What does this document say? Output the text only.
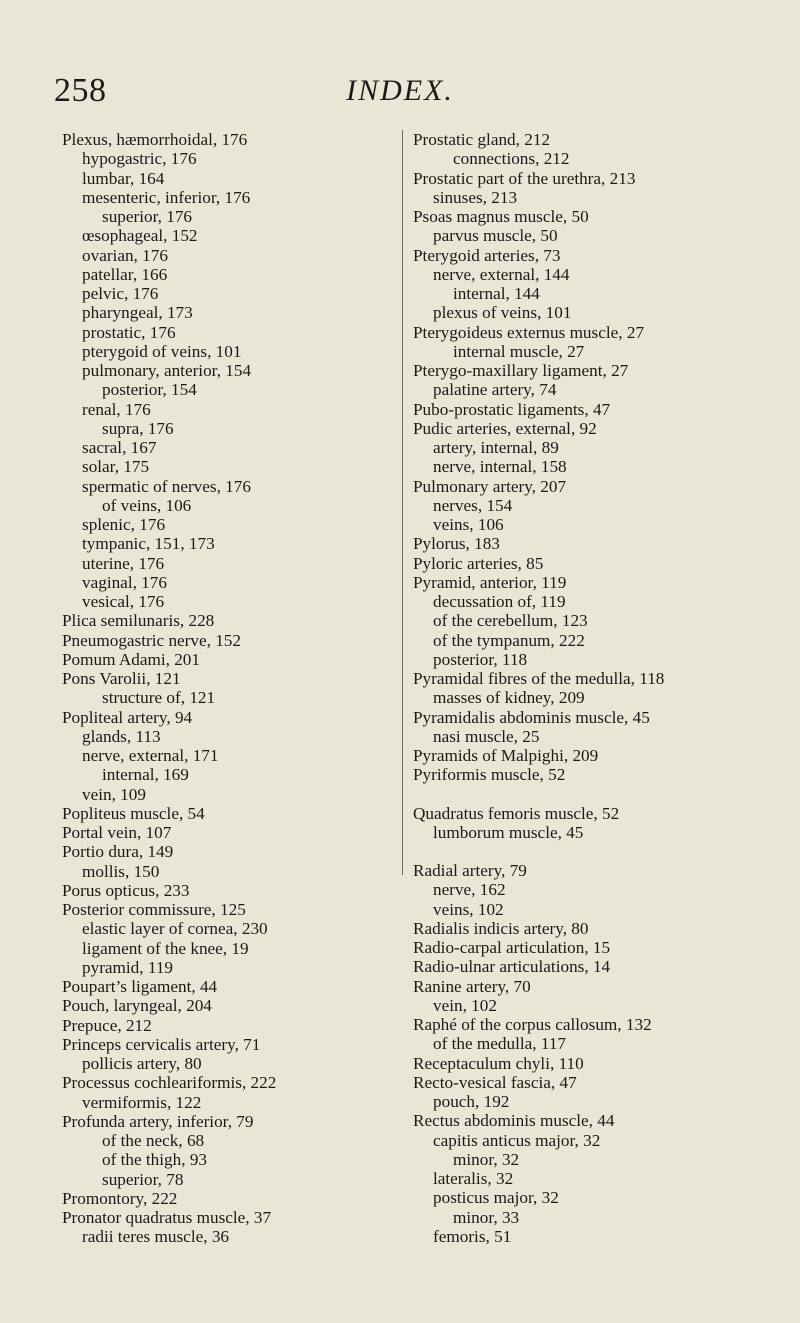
258	INDEX.
Plexus, hæmorrhoidal, 176
hypogastric, 176
lumbar, 164
mesenteric, inferior, 176
superior, 176
œsophageal, 152
ovarian, 176
patellar, 166
pelvic, 176
pharyngeal, 173
prostatic, 176
pterygoid of veins, 101
pulmonary, anterior, 154
posterior, 154
renal, 176
supra, 176
sacral, 167
solar, 175
spermatic of nerves, 176
of veins, 106
splenic, 176
tympanic, 151, 173
uterine, 176
vaginal, 176
vesical, 176
Plica semilunaris, 228
Pneumogastric nerve, 152
Pomum Adami, 201
Pons Varolii, 121
structure of, 121
Popliteal artery, 94
glands, 113
nerve, external, 171
internal, 169
vein, 109
Popliteus muscle, 54
Portal vein, 107
Portio dura, 149
mollis, 150
Porus opticus, 233
Posterior commissure, 125
elastic layer of cornea, 230
ligament of the knee, 19
pyramid, 119
Poupart’s ligament, 44
Pouch, laryngeal, 204
Prepuce, 212
Princeps cervicalis artery, 71
pollicis artery, 80
Processus cochleariformis, 222
vermiformis, 122
Profunda artery, inferior, 79
of the neck, 68
of the thigh, 93
superior, 78
Promontory, 222
Pronator quadratus muscle, 37
radii teres muscle, 36
Prostatic gland, 212
connections, 212
Prostatic part of the urethra, 213
sinuses, 213
Psoas magnus muscle, 50
parvus muscle, 50
Pterygoid arteries, 73
nerve, external, 144
internal, 144
plexus of veins, 101
Pterygoideus externus muscle, 27
internal muscle, 27
Pterygo-maxillary ligament, 27
palatine artery, 74
Pubo-prostatic ligaments, 47
Pudic arteries, external, 92
artery, internal, 89
nerve, internal, 158
Pulmonary artery, 207
nerves, 154
veins, 106
Pylorus, 183
Pyloric arteries, 85
Pyramid, anterior, 119
decussation of, 119
of the cerebellum, 123
of the tympanum, 222
posterior, 118
Pyramidal fibres of the medulla, 118
masses of kidney, 209
Pyramidalis abdominis muscle, 45
nasi muscle, 25
Pyramids of Malpighi, 209
Pyriformis muscle, 52
Quadratus femoris muscle, 52
lumborum muscle, 45
Radial artery, 79
nerve, 162
veins, 102
Radialis indicis artery, 80
Radio-carpal articulation, 15
Radio-ulnar articulations, 14
Ranine artery, 70
vein, 102
Raphé of the corpus callosum, 132
of the medulla, 117
Receptaculum chyli, 110
Recto-vesical fascia, 47
pouch, 192
Rectus abdominis muscle, 44
capitis anticus major, 32
minor, 32
lateralis, 32
posticus major, 32
minor, 33
femoris, 51
